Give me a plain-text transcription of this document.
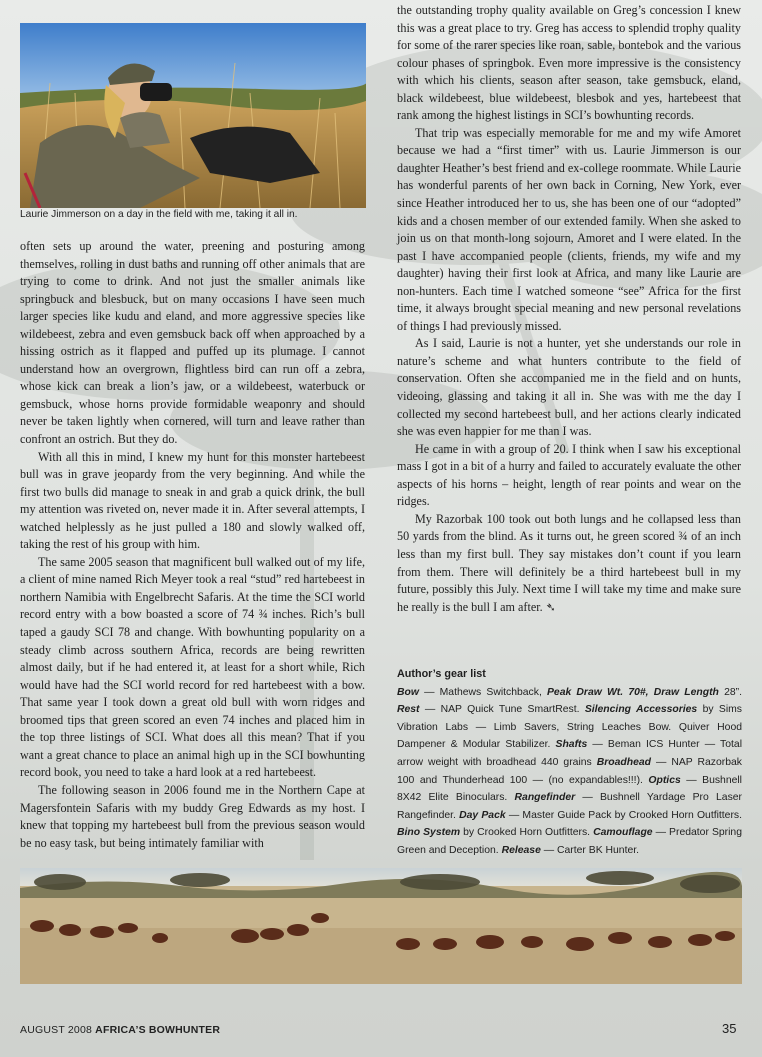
Laurie Jimmerson on a day in the field with me, taking it all in.

often sets up around the water, preening and posturing among themselves, rolling in dust baths and running off other animals that are trying to come to drink. And not just the smaller animals like springbuck and blesbuck, but on many occasions I have seen much larger species like kudu and eland, and more aggressive species like wildebeest, zebra and even gemsbuck back off when approached by a hissing ostrich as it flapped and puffed up its plumage. I cannot understand how an overgrown, flightless bird can run off a zebra, whose kick can break a lion’s jaw, or a wildebeest, waterbuck or gemsbuck, whose horns provide formidable weaponry and should never be taken lightly when cornered, will turn and leave rather than confront an ostrich. But they do.

With all this in mind, I knew my hunt for this monster hartebeest bull was in grave jeopardy from the very beginning. And while the first two bulls did manage to sneak in and grab a quick drink, the bull my attention was riveted on, never made it in. After several attempts, I watched helplessly as he just pulled a 180 and slowly walked off, taking the rest of his group with him.

The same 2005 season that magnificent bull walked out of my life, a client of mine named Rich Meyer took a real “stud” red hartebeest in northern Namibia with Engelbrecht Safaris. At the time the SCI world record entry with a bow boasted a score of 74 ¾ inches. Rich’s bull taped a gaudy SCI 78 and change. With bowhunting popularity on a steady climb across southern Africa, records are being rewritten almost daily, but if he had entered it, at least for a short while, Rich would have had the SCI world record for red hartebeest with a bow. That same year I took down a great old bull with worn ridges and broomed tips that green scored an even 74 inches and placed him in the top three listings of SCI. What does all this mean? That if you want a great chance to place an animal high up in the SCI bowhunting record book, you need to take a hard look at a red hartebeest.

The following season in 2006 found me in the Northern Cape at Magersfontein Safaris with my buddy Greg Edwards as my host. I knew that topping my hartebeest bull from the previous season would be no easy task, but being intimately familiar with

the outstanding trophy quality available on Greg’s concession I knew this was a great place to try. Greg has access to splendid trophy quality for some of the rarer species like roan, sable, bontebok and the various colour phases of springbok. Even more impressive is the consistency with which his clients, season after season, take gemsbuck, eland, black wildebeest, blue wildebeest, blesbok and yes, hartebeest that rank among the highest listings in SCI’s bowhunting records.

That trip was especially memorable for me and my wife Amoret because we had a “first timer” with us. Laurie Jimmerson is our daughter Heather’s best friend and ex-college roommate. While Laurie has wonderful parents of her own back in Corning, New York, ever since Heather introduced her to us, she has been one of our “adopted” kids and a chosen member of our extended family. When she asked to join us on that month-long sojourn, Amoret and I were elated. In the past I have accompanied people (clients, friends, my wife and my daughter) having their first look at Africa, and many like Laurie are non-hunters. Each time I watched someone “see” Africa for the first time, it always brought special meaning and new personal revelations of things I had previously missed.

As I said, Laurie is not a hunter, yet she understands our role in nature’s scheme and what hunters contribute to the field of conservation. Often she accompanied me in the field and on hunts, videoing, glassing and taking it all in. She was with me the day I collected my second hartebeest bull, and her actions clearly indicated she was even happier for me than I was.

He came in with a group of 20. I think when I saw his exceptional mass I got in a bit of a hurry and failed to accurately evaluate the other aspects of his horns – height, length of rear points and wear on the ridges.

My Razorbak 100 took out both lungs and he collapsed less than 50 yards from the blind. As it turns out, he green scored ¾ of an inch less than my first bull. They say mistakes don’t count if you learn from them. There will definitely be a third hartebeest bull in my future, possibly this July. Next time I will take my time and make sure he really is the bull I am after. ➴

Author’s gear list
Bow — Mathews Switchback, Peak Draw Wt. 70#, Draw Length 28”. Rest — NAP Quick Tune SmartRest. Silencing Accessories by Sims Vibration Labs — Limb Savers, String Leaches Bow. Quiver Hood Dampener & Modular Stabilizer. Shafts — Beman ICS Hunter — Total arrow weight with broadhead 440 grains Broadhead — NAP Razorbak 100 and Thunderhead 100 — (no expandables!!!). Optics — Bushnell 8X42 Elite Binoculars. Rangefinder — Bushnell Yardage Pro Laser Rangefinder. Day Pack — Master Guide Pack by Crooked Horn Outfitters. Bino System by Crooked Horn Outfitters. Camouflage — Predator Spring Green and Deception. Release — Carter BK Hunter.
AUGUST 2008 AFRICA’S BOWHUNTER	35
